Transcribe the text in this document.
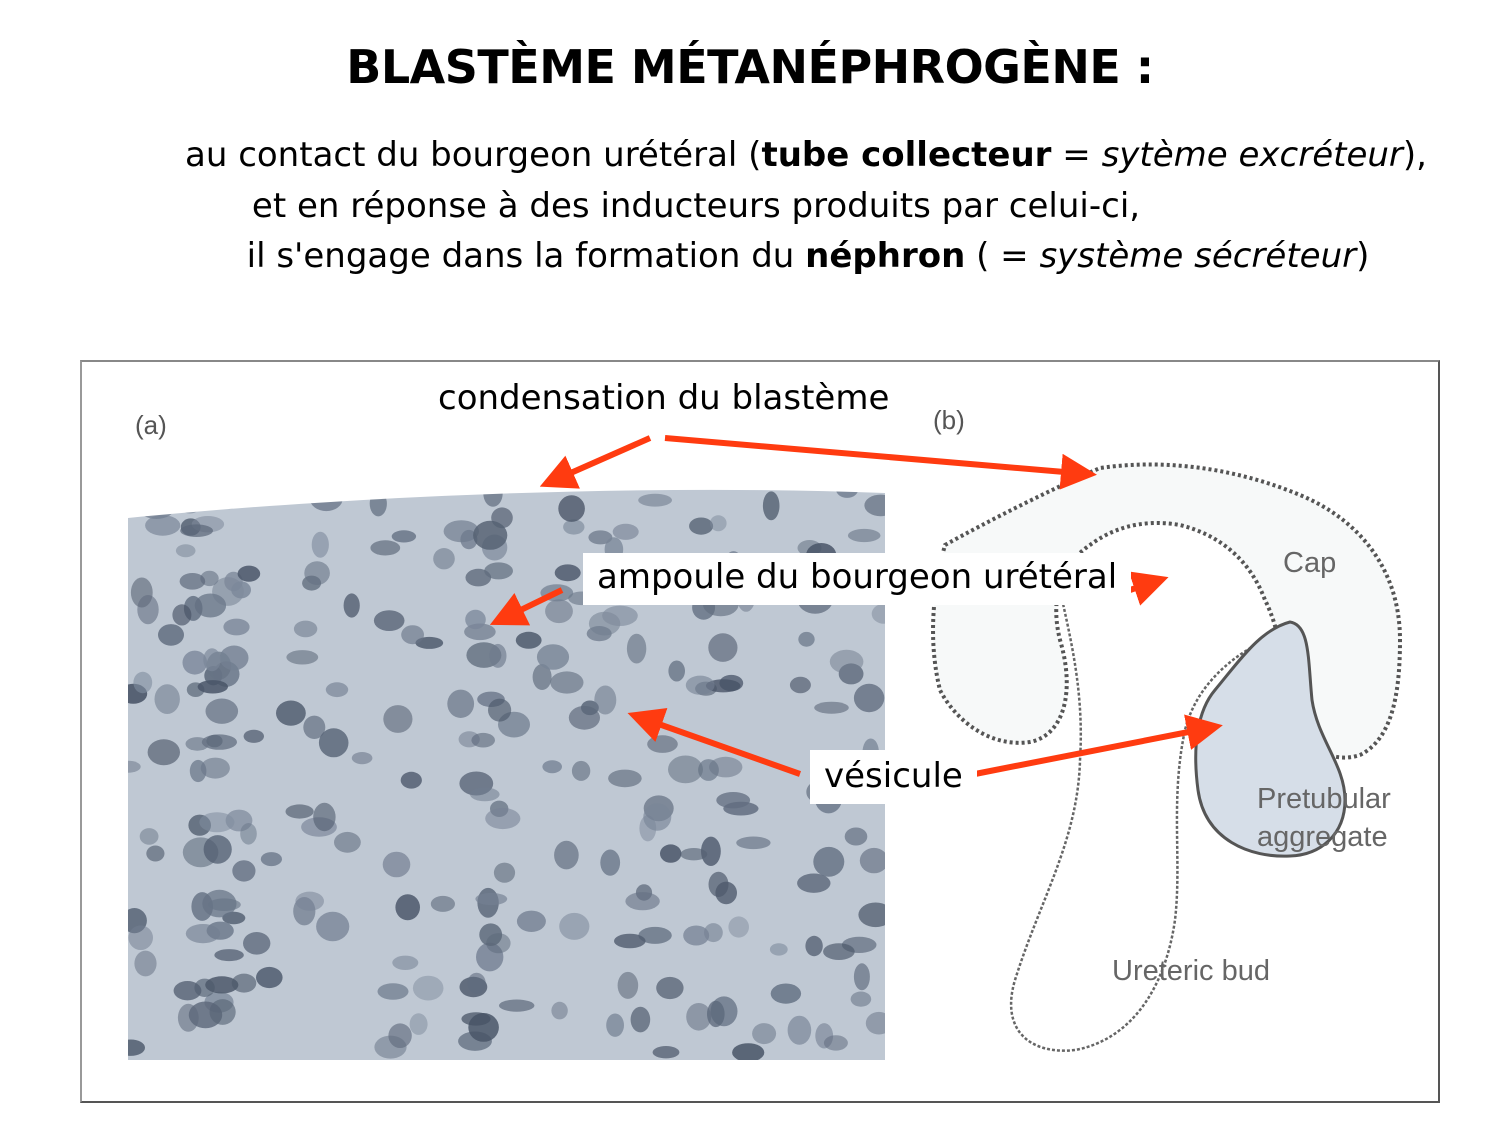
BLASTÈME MÉTANÉPHROGÈNE :
au contact du bourgeon urétéral (tube collecteur = sytème excréteur),
et en réponse à des inducteurs produits par celui-ci,
il s'engage dans la formation du néphron ( = système sécréteur)
(a)	(b)
Cap
Pretubular
aggregate
Ureteric bud
condensation du blastème
ampoule du bourgeon urétéral
vésicule
